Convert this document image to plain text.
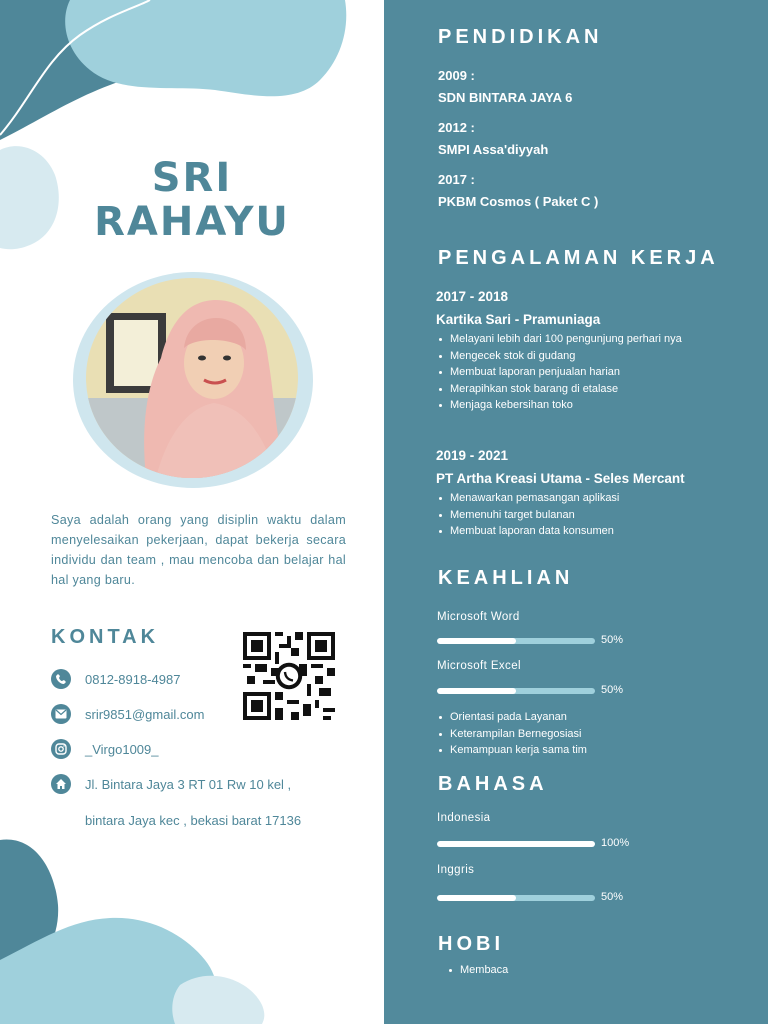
SRI
RAHAYU
Saya adalah orang yang disiplin waktu dalam menyelesaikan pekerjaan, dapat bekerja secara individu dan team , mau mencoba dan belajar hal hal yang baru.
KONTAK
0812-8918-4987
srir9851@gmail.com
_Virgo1009_
Jl. Bintara Jaya 3 RT 01 Rw 10 kel ,
bintara Jaya kec , bekasi barat 17136
PENDIDIKAN
2009 :
SDN BINTARA JAYA 6
2012 :
SMPI Assa'diyyah
2017 :
PKBM Cosmos ( Paket C )
PENGALAMAN KERJA
2017 - 2018
Kartika Sari - Pramuniaga
Melayani lebih dari 100 pengunjung perhari nya
Mengecek stok di gudang
Membuat laporan penjualan harian
Merapihkan stok barang di etalase
Menjaga kebersihan toko
2019 - 2021
PT Artha Kreasi Utama - Seles Mercant
Menawarkan pemasangan aplikasi
Memenuhi target bulanan
Membuat laporan data konsumen
KEAHLIAN
Microsoft Word
50%
Microsoft Excel
50%
Orientasi pada Layanan
Keterampilan Bernegosiasi
Kemampuan kerja sama tim
BAHASA
Indonesia
100%
Inggris
50%
HOBI
Membaca
